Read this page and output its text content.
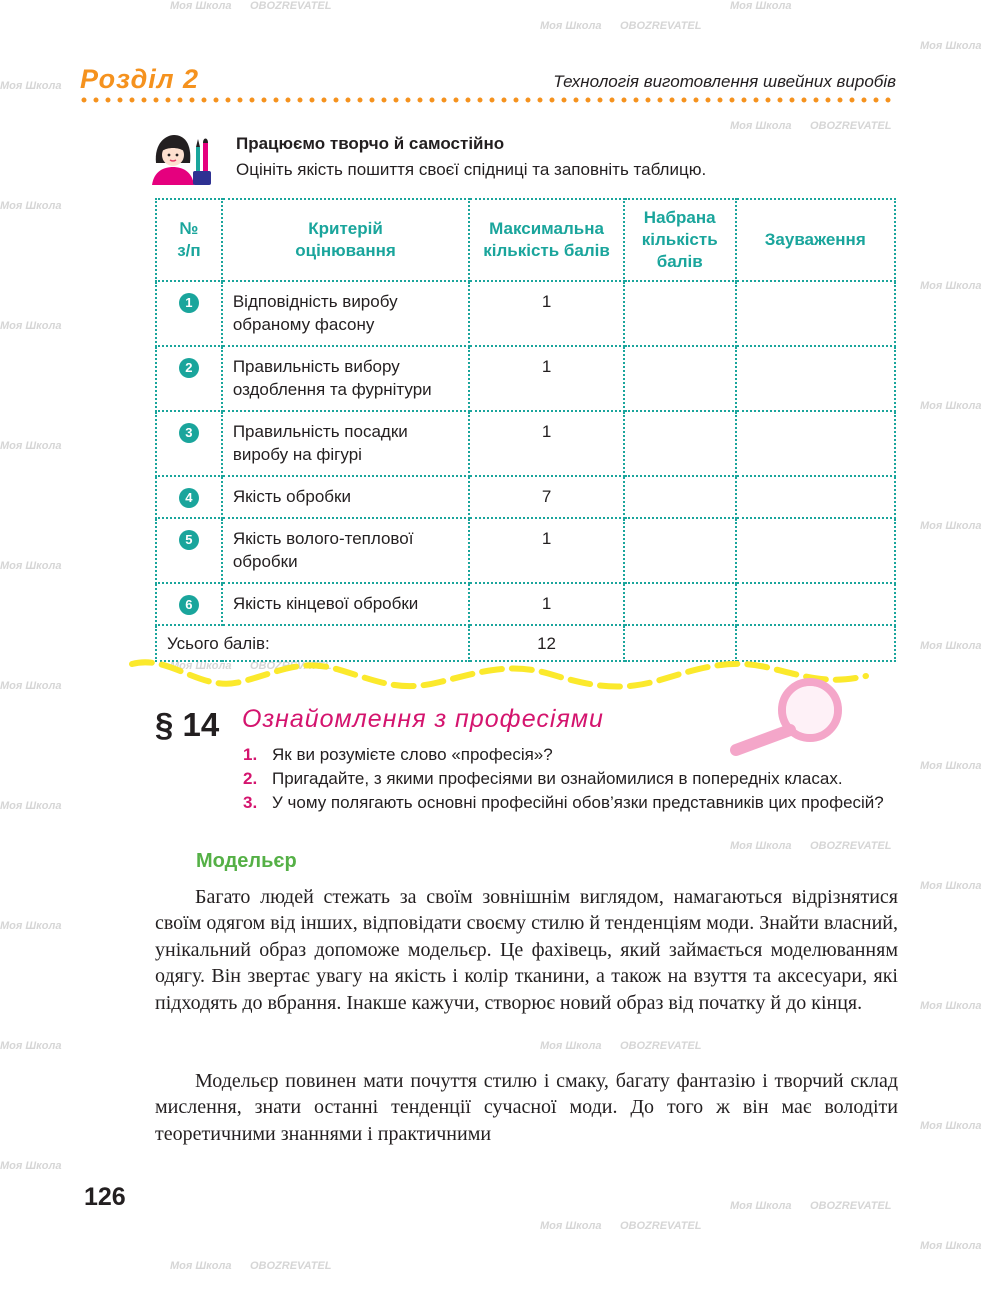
Моя Школа OBOZREVATEL
Моя Школа OBOZREVATEL
Моя Школа
Моя Школа
Моя Школа
Моя Школа OBOZREVATEL
Моя Школа
Моя Школа
Моя Школа
Моя Школа
Моя Школа
Моя Школа
Моя Школа
Моя Школа OBOZREVATEL
Моя Школа
Моя Школа
Моя Школа
Моя Школа
Моя Школа OBOZREVATEL
Моя Школа
Моя Школа
Моя Школа OBOZREVATEL
Моя Школа
Моя Школа
Моя Школа
Моя Школа
Моя Школа OBOZREVATEL
Моя Школа OBOZREVATEL
Моя Школа OBOZREVATEL
Моя Школа
Розділ 2	Технологія виготовлення швейних виробів
Працюємо творчо й самостійно
Оцініть якість пошиття своєї спідниці та заповніть таблицю.
№ з/п	Критерій оцінювання	Максимальна кількість балів	Набрана кількість балів	Зауваження
1	Відповідність виробу обраному фасону	1		
2	Правильність вибору оздоблення та фурнітури	1		
3	Правильність посадки виробу на фігурі	1		
4	Якість обробки	7		
5	Якість волого-теплової обробки	1		
6	Якість кінцевої обробки	1		
Усього балів:		12		
§ 14 Ознайомлення з професіями
1. Як ви розумієте слово «професія»?
2. Пригадайте, з якими професіями ви ознайомилися в попередніх класах.
3. У чому полягають основні професійні обов’язки представників цих професій?
Модельєр

Багато людей стежать за своїм зовнішнім виглядом, намагаються відрізнятися своїм одягом від інших, відповідати своєму стилю й тенденціям моди. Знайти власний, унікальний образ допоможе модельєр. Це фахівець, який займається моделюванням одягу. Він звертає увагу на якість і колір тканини, а також на взуття та аксесуари, які підходять до вбрання. Інакше кажучи, створює новий образ від початку й до кінця.

Модельєр повинен мати почуття стилю і смаку, багату фантазію і творчий склад мислення, знати останні тенденції сучасної моди. До того ж він має володіти теоретичними знаннями і практичними

126
